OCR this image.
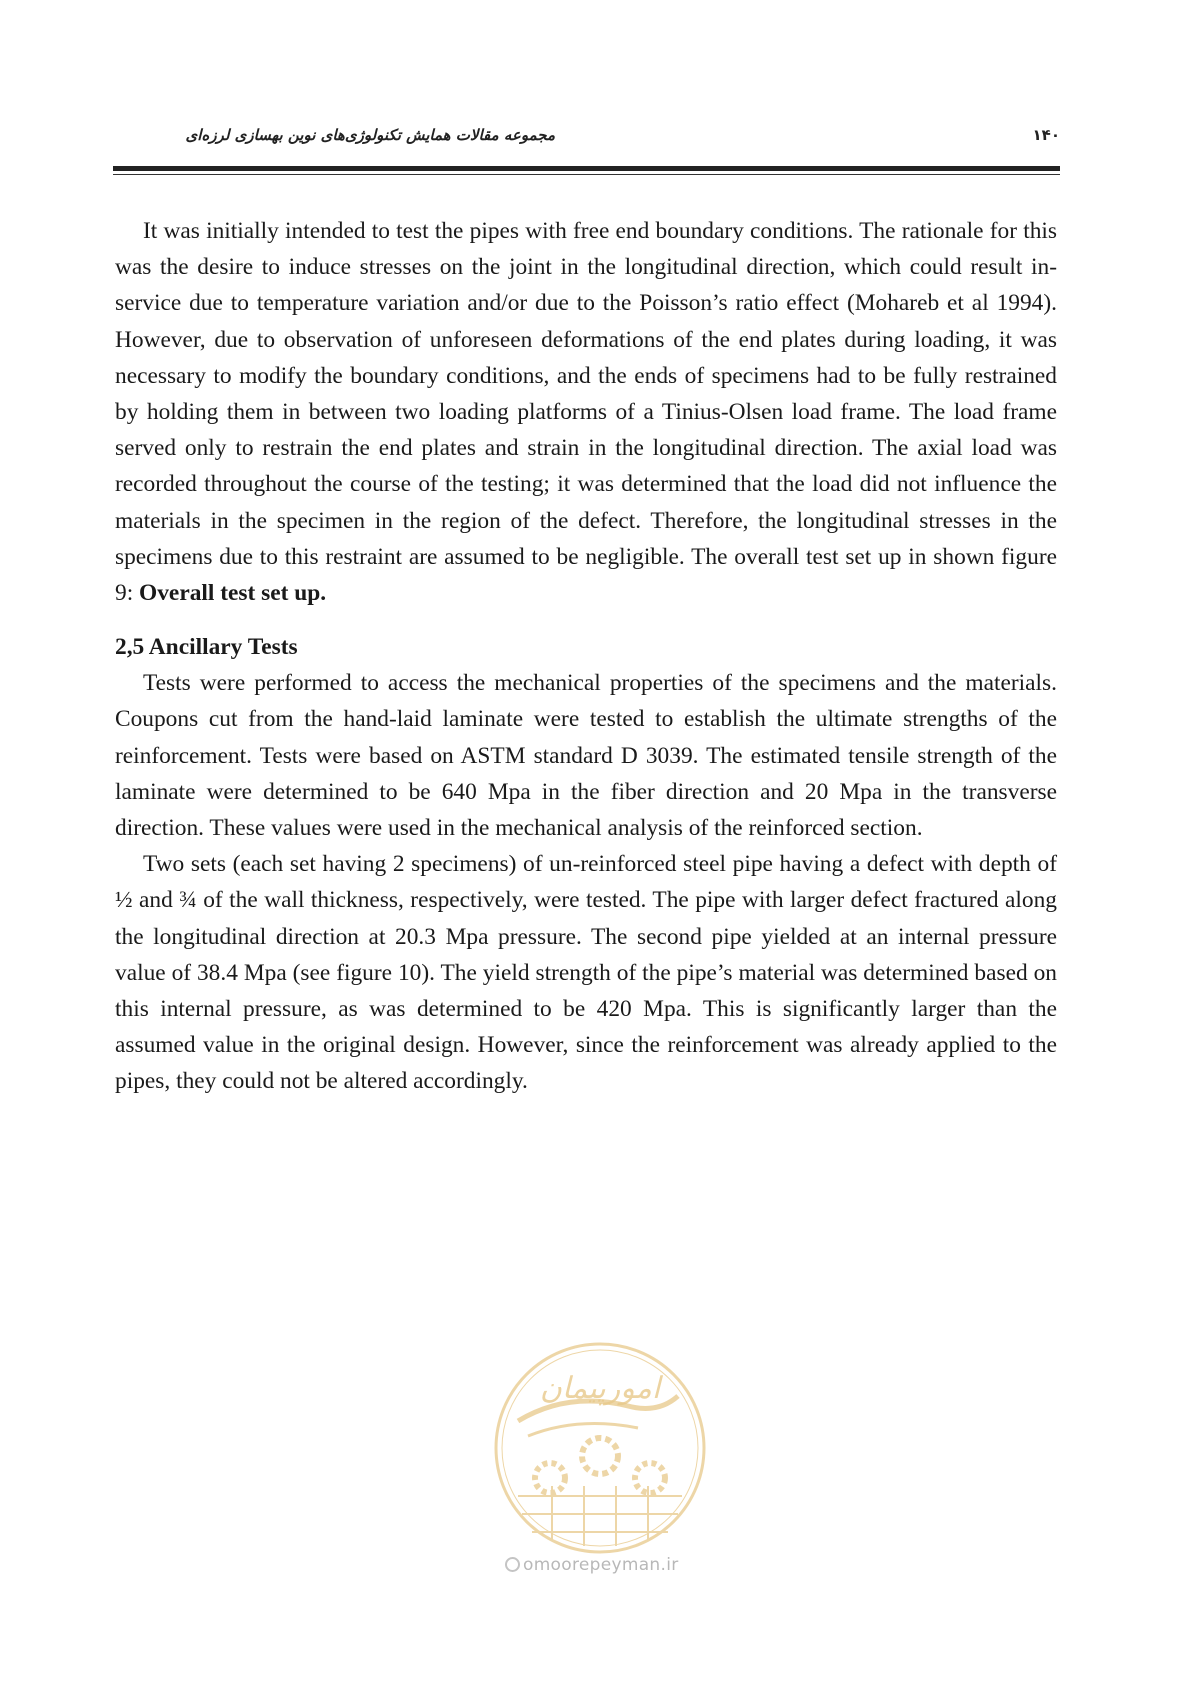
مجموعه مقالات همایش تکنولوژی‌های نوین بهسازی لرزه‌ای	۱۴۰

It was initially intended to test the pipes with free end boundary conditions. The rationale for this was the desire to induce stresses on the joint in the longitudinal direction, which could result in-service due to temperature variation and/or due to the Poisson’s ratio effect (Mohareb et al 1994). However, due to observation of unforeseen deformations of the end plates during loading, it was necessary to modify the boundary conditions, and the ends of specimens had to be fully restrained by holding them in between two loading platforms of a Tinius-Olsen load frame. The load frame served only to restrain the end plates and strain in the longitudinal direction. The axial load was recorded throughout the course of the testing; it was determined that the load did not influence the materials in the specimen in the region of the defect. Therefore, the longitudinal stresses in the specimens due to this restraint are assumed to be negligible. The overall test set up in shown figure 9: Overall test set up.

2,5 Ancillary Tests

Tests were performed to access the mechanical properties of the specimens and the materials. Coupons cut from the hand-laid laminate were tested to establish the ultimate strengths of the reinforcement. Tests were based on ASTM standard D 3039. The estimated tensile strength of the laminate were determined to be 640 Mpa in the fiber direction and 20 Mpa in the transverse direction. These values were used in the mechanical analysis of the reinforced section.

Two sets (each set having 2 specimens) of un-reinforced steel pipe having a defect with depth of ½ and ¾ of the wall thickness, respectively, were tested. The pipe with larger defect fractured along the longitudinal direction at 20.3 Mpa pressure. The second pipe yielded at an internal pressure value of 38.4 Mpa (see figure 10). The yield strength of the pipe’s material was determined based on this internal pressure, as was determined to be 420 Mpa. This is significantly larger than the assumed value in the original design. However, since the reinforcement was already applied to the pipes, they could not be altered accordingly.

امورپیمان
omoorepeyman.ir
